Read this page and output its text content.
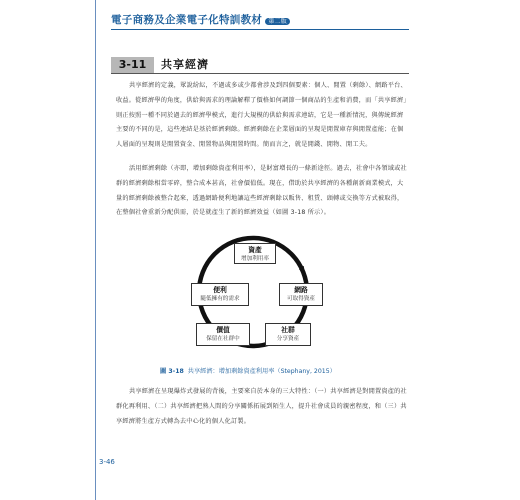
電子商務及企業電子化特訓教材 第二版
3-11	共享經濟

共享經濟的定義，眾說紛紜，不過或多或少都會涉及到四個要素：個人、閒置（剩餘）、網路平台、收益。從經濟學的角度，供給與需求的理論解釋了價格如何調節一個商品的生產和消費，而「共享經濟」則正按照一種不同於過去的經濟學模式，進行大規模的供給與需求連結，它是一種新情況，與傳統經濟主要的不同的是，這些連結是基於經濟剩餘。經濟剩餘在企業層面的呈現是閒置庫存與閒置產能；在個人層面的呈現則是閒置資金、閒置物品與閒置時間。簡而言之，就是閒錢、閒物、閒工夫。

活用經濟剩餘（亦即，增加剩餘資產利用率），是財富增長的一條新途徑。過去，社會中各領域或社群的經濟剩餘相當零碎，整合成本甚高，社會價值低。現在，借助於共享經濟的各種創新商業模式，大量的經濟剩餘被整合起來，透過網路便利地讓這些經濟剩餘以販售、租賃、頭轉或交換等方式被取得，在整個社會重新分配供需，於是就產生了新的經濟效益（如圖 3-18 所示）。

資產
增加利用率
網路
可取得資產
社群
分享資產
價值
保留在社群中
便利
隨低擁有的需求
圖 3-18 共享經濟：增加剩餘資產利用率（Stephany, 2015）

共享經濟在呈現爆炸式發展的背後，主要來自於本身的三大特性：（一）共享經濟是對閒置資產的社群化再利用、（二）共享經濟把熟人間的分享關係拓展到陌生人，提升社會成員的親密程度，和（三）共享經濟將生產方式轉為去中心化的個人化訂製。

3-46
